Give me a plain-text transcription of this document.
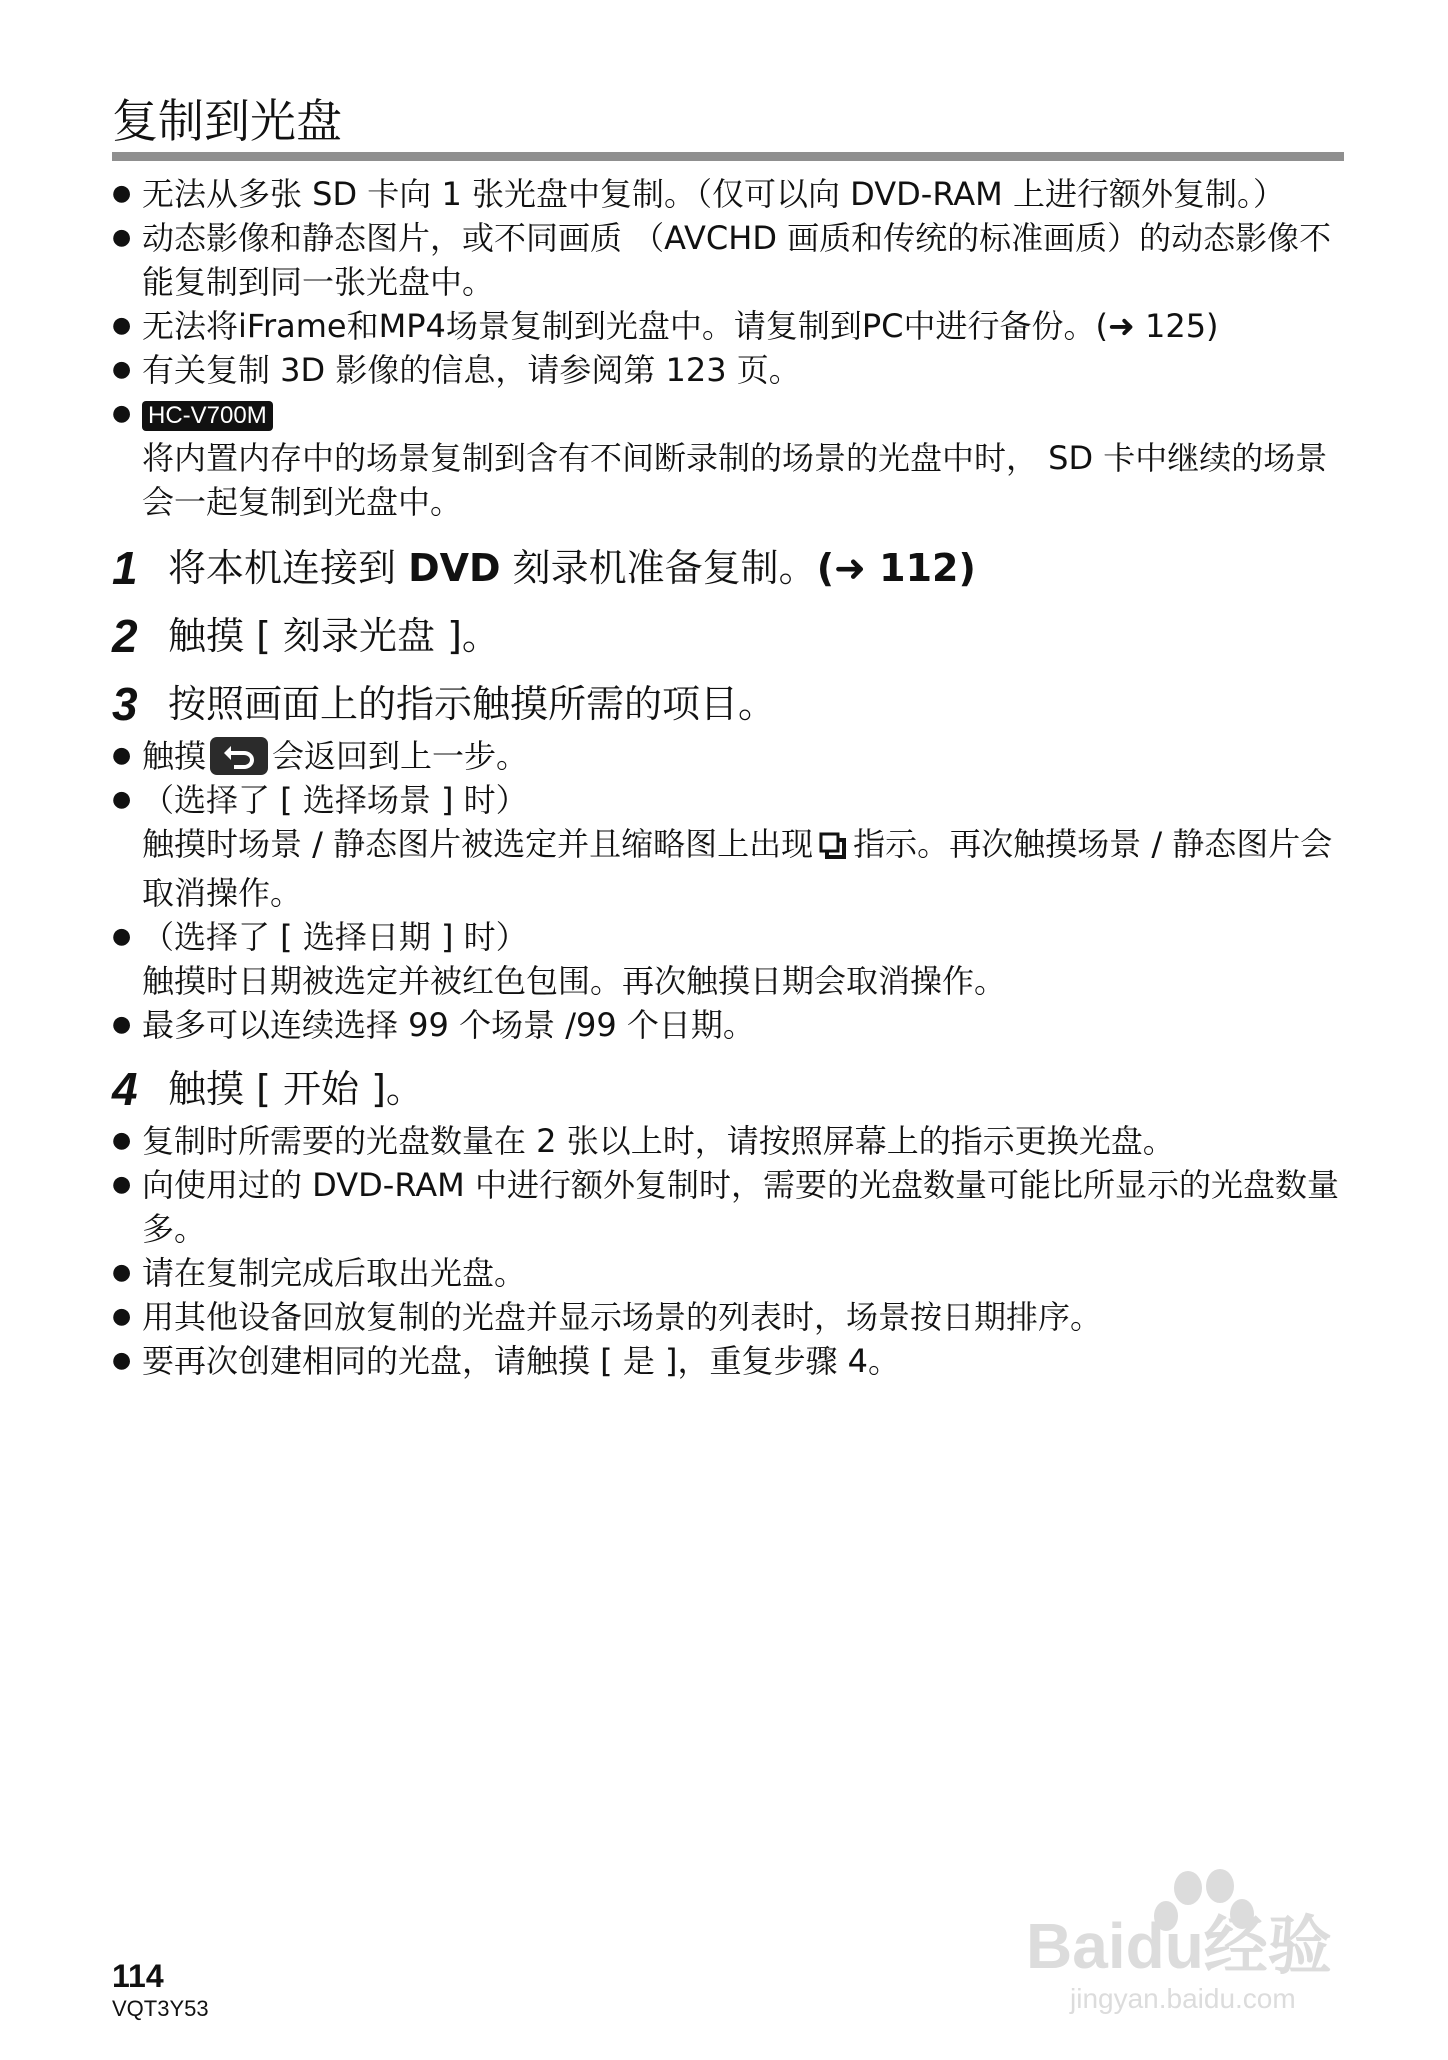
复制到光盘
● 无法从多张 SD 卡向 1 张光盘中复制。（仅可以向 DVD-RAM 上进行额外复制。）
● 动态影像和静态图片，或不同画质 （AVCHD 画质和传统的标准画质）的动态影像不能复制到同一张光盘中。
● 无法将iFrame和MP4场景复制到光盘中。请复制到PC中进行备份。(➜ 125)
● 有关复制 3D 影像的信息，请参阅第 123 页。
● HC-V700M
将内置内存中的场景复制到含有不间断录制的场景的光盘中时， SD 卡中继续的场景会一起复制到光盘中。

1 将本机连接到 DVD 刻录机准备复制。(➜ 112)

2 触摸 [ 刻录光盘 ]。

3 按照画面上的指示触摸所需的项目。

● 触摸 会返回到上一步。
● （选择了 [ 选择场景 ] 时）
触摸时场景 / 静态图片被选定并且缩略图上出现 指示。再次触摸场景 / 静态图片会取消操作。
● （选择了 [ 选择日期 ] 时）
触摸时日期被选定并被红色包围。再次触摸日期会取消操作。
● 最多可以连续选择 99 个场景 /99 个日期。

4 触摸 [ 开始 ]。

● 复制时所需要的光盘数量在 2 张以上时，请按照屏幕上的指示更换光盘。
● 向使用过的 DVD-RAM 中进行额外复制时，需要的光盘数量可能比所显示的光盘数量多。
● 请在复制完成后取出光盘。
● 用其他设备回放复制的光盘并显示场景的列表时，场景按日期排序。
● 要再次创建相同的光盘，请触摸 [ 是 ]，重复步骤 4。
114
VQT3Y53
Baidu经验
jingyan.baidu.com
